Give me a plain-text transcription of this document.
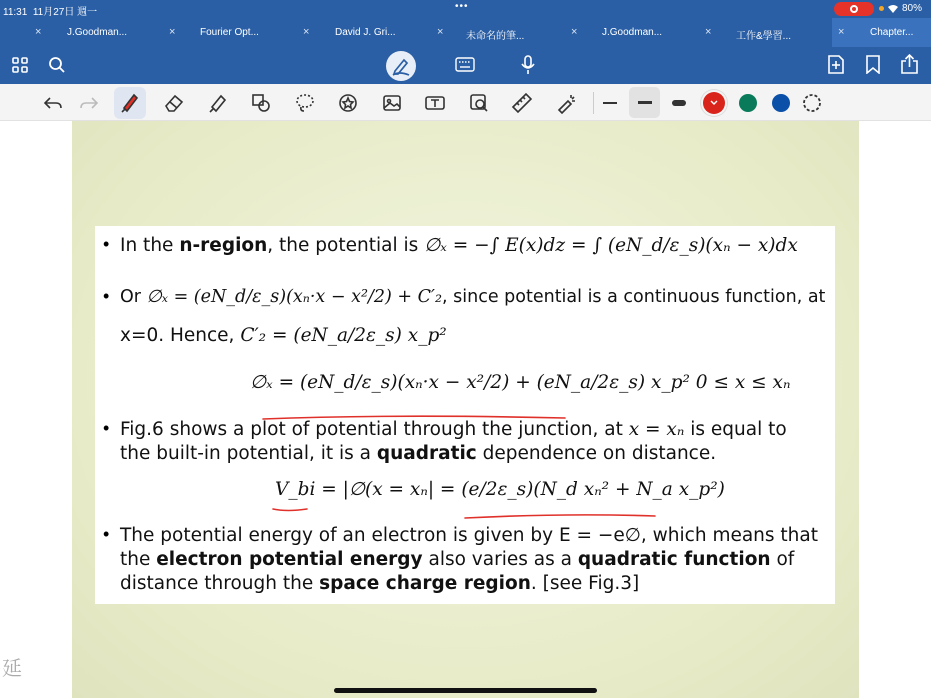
11:31 11月27日 週一
•••	80%
×	J.Goodman...	× Fourier Opt...	×	David J. Gri...	× 未命名的筆...	× J.Goodman...	× 工作&學習...	×	Chapter...
• In the n-region, the potential is ∅ₓ = −∫ E(x)dz = ∫ (eN_d/ε_s)(xₙ − x)dx
• Or ∅ₓ = (eN_d/ε_s)(xₙ·x − x²/2) + C′₂, since potential is a continuous function, at
x=0. Hence, C′₂ = (eN_a/2ε_s) x_p²
∅ₓ = (eN_d/ε_s)(xₙ·x − x²/2) + (eN_a/2ε_s) x_p² 0 ≤ x ≤ xₙ
• Fig.6 shows a plot of potential through the junction, at x = xₙ is equal to
the built-in potential, it is a quadratic dependence on distance.
V_bi = |∅(x = xₙ| = (e/2ε_s)(N_d xₙ² + N_a x_p²)
• The potential energy of an electron is given by E = −e∅, which means that
the electron potential energy also varies as a quadratic function of
distance through the space charge region. [see Fig.3]
延
